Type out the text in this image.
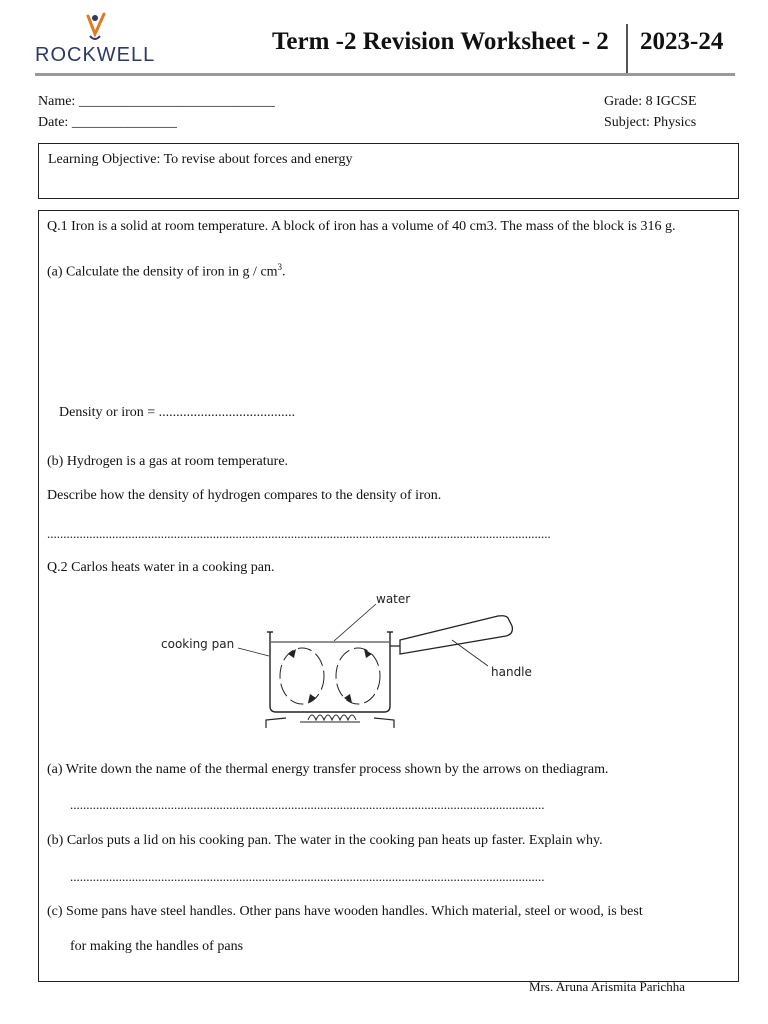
ROCKWELL	Term -2 Revision Worksheet - 2 2023-24
Name: ____________________________
Date: _______________
Grade: 8 IGCSE
Subject: Physics
Learning Objective: To revise about forces and energy
Q.1 Iron is a solid at room temperature. A block of iron has a volume of 40 cm3. The mass of the block is 316 g.
(a) Calculate the density of iron in g / $cm^3$.
Density or iron = .......................................
(b) Hydrogen is a gas at room temperature.
Describe how the density of hydrogen compares to the density of iron.
...........................................................................................................................................................
Q.2 Carlos heats water in a cooking pan.
water
cooking pan
handle
(a) Write down the name of the thermal energy transfer process shown by the arrows on thediagram.
..................................................................................................................................................
(b) Carlos puts a lid on his cooking pan. The water in the cooking pan heats up faster. Explain why.
..................................................................................................................................................
(c) Some pans have steel handles. Other pans have wooden handles. Which material, steel or wood, is best
for making the handles of pans
Mrs. Aruna Arismita Parichha
